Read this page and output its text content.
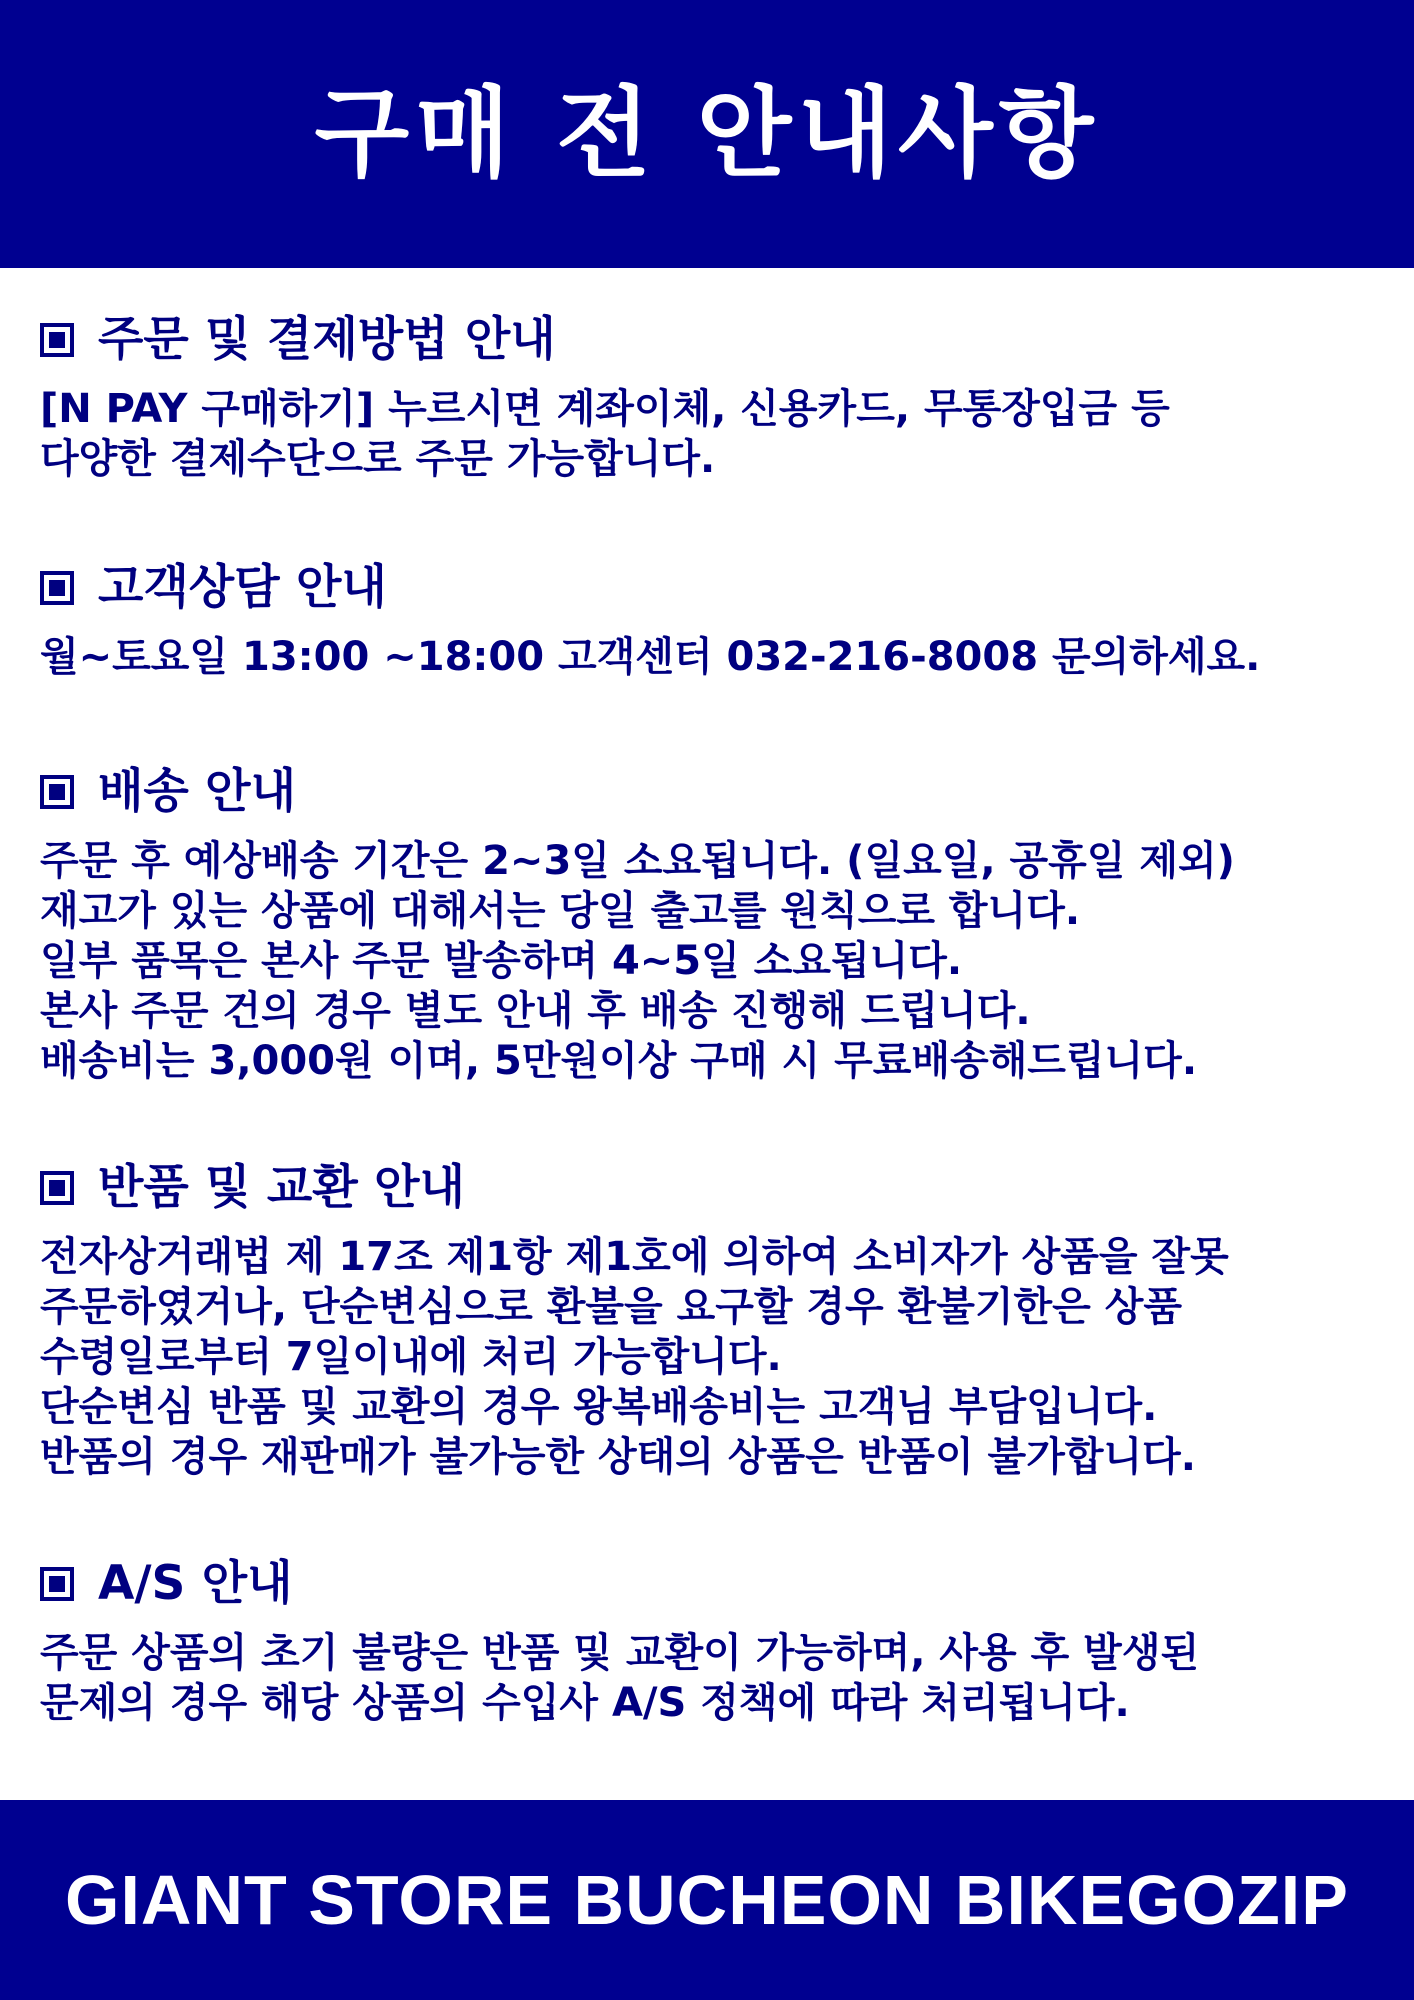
구매 전 안내사항
주문 및 결제방법 안내
[N PAY 구매하기] 누르시면 계좌이체, 신용카드, 무통장입금 등
다양한 결제수단으로 주문 가능합니다.
고객상담 안내
월~토요일 13:00 ~18:00 고객센터 032-216-8008 문의하세요.
배송 안내
주문 후 예상배송 기간은 2~3일 소요됩니다. (일요일, 공휴일 제외)
재고가 있는 상품에 대해서는 당일 출고를 원칙으로 합니다.
일부 품목은 본사 주문 발송하며 4~5일 소요됩니다.
본사 주문 건의 경우 별도 안내 후 배송 진행해 드립니다.
배송비는 3,000원 이며, 5만원이상 구매 시 무료배송해드립니다.
반품 및 교환 안내
전자상거래법 제 17조 제1항 제1호에 의하여 소비자가 상품을 잘못
주문하였거나, 단순변심으로 환불을 요구할 경우 환불기한은 상품
수령일로부터 7일이내에 처리 가능합니다.
단순변심 반품 및 교환의 경우 왕복배송비는 고객님 부담입니다.
반품의 경우 재판매가 불가능한 상태의 상품은 반품이 불가합니다.
A/S 안내
주문 상품의 초기 불량은 반품 및 교환이 가능하며, 사용 후 발생된
문제의 경우 해당 상품의 수입사 A/S 정책에 따라 처리됩니다.
GIANT STORE BUCHEON BIKEGOZIP
